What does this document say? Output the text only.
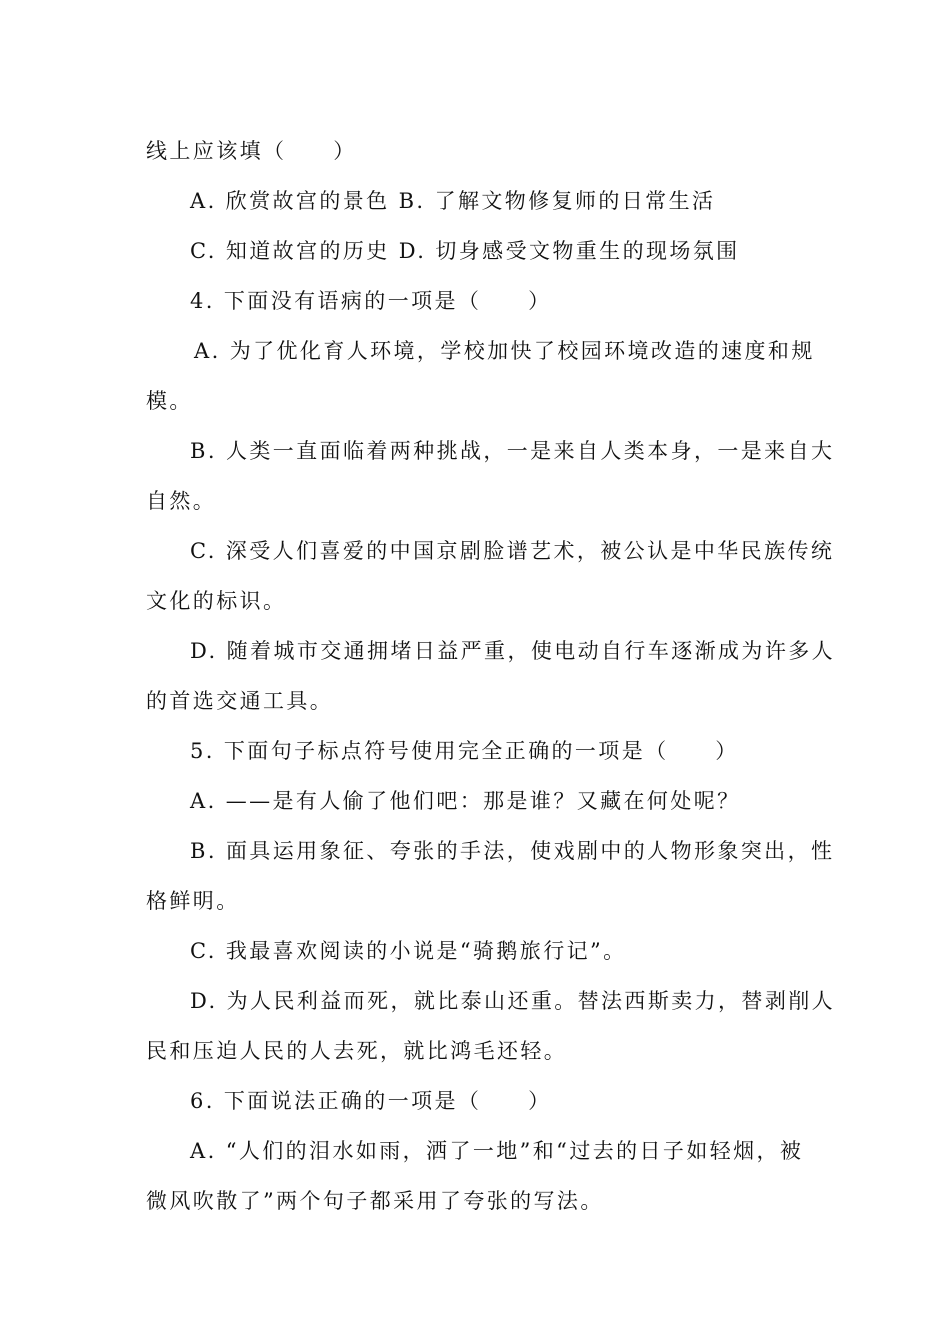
线上应该填（　　）
A. 欣赏故宫的景色 B. 了解文物修复师的日常生活
C. 知道故宫的历史 D. 切身感受文物重生的现场氛围
4. 下面没有语病的一项是（　　）
A. 为了优化育人环境，学校加快了校园环境改造的速度和规
模。
B. 人类一直面临着两种挑战，一是来自人类本身，一是来自大
自然。
C. 深受人们喜爱的中国京剧脸谱艺术，被公认是中华民族传统
文化的标识。
D. 随着城市交通拥堵日益严重，使电动自行车逐渐成为许多人
的首选交通工具。
5. 下面句子标点符号使用完全正确的一项是（　　）
A. ——是有人偷了他们吧：那是谁？又藏在何处呢？
B. 面具运用象征、夸张的手法，使戏剧中的人物形象突出，性
格鲜明。
C. 我最喜欢阅读的小说是“骑鹅旅行记”。
D. 为人民利益而死，就比泰山还重。替法西斯卖力，替剥削人
民和压迫人民的人去死，就比鸿毛还轻。
6. 下面说法正确的一项是（　　）
A. “人们的泪水如雨，洒了一地”和“过去的日子如轻烟，被
微风吹散了”两个句子都采用了夸张的写法。
